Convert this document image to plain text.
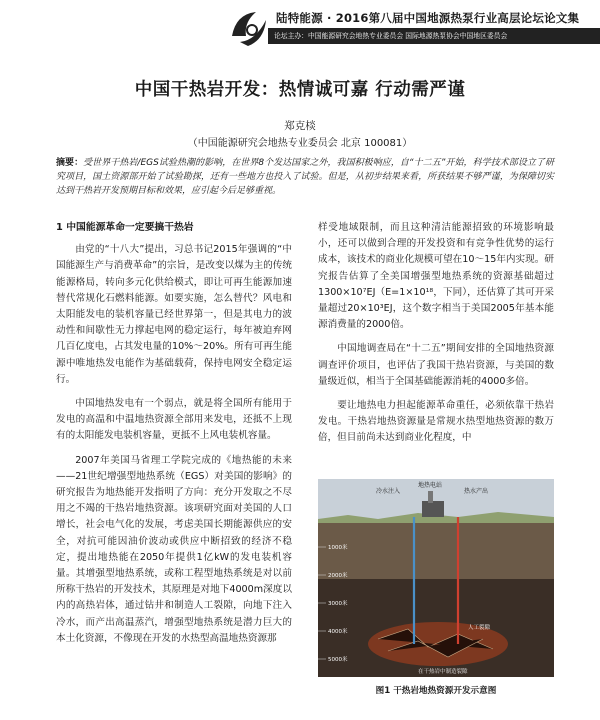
陆特能源 · 2016第八届中国地源热泵行业高层论坛论文集
论坛主办：中国能源研究会地热专业委员会 国际地源热泵协会中国地区委员会
中国干热岩开发：热情诚可嘉 行动需严谨
郑克棪
（中国能源研究会地热专业委员会 北京 100081）
摘要：受世界干热岩/EGS试验热潮的影响，在世界8个发达国家之外，我国积极响应，自“十二五”开始，科学技术部设立了研究项目，国土资源部开始了试验勘探，还有一些地方也投入了试验。但是，从初步结果来看，所获结果不够严谨，为保障切实达到干热岩开发预期目标和效果，应引起今后足够重视。

1 中国能源革命一定要搞干热岩

由党的“十八大”提出，习总书记2015年强调的“中国能源生产与消费革命”的宗旨，是改变以煤为主的传统能源格局，转向多元化供给模式，即让可再生能源加速替代常规化石燃料能源。如要实施，怎么替代？风电和太阳能发电的装机容量已经世界第一，但是其电力的波动性和间歇性无力撑起电网的稳定运行，每年被迫弃网几百亿度电，占其发电量的10%～20%。所有可再生能源中唯地热发电能作为基础载荷，保持电网安全稳定运行。

中国地热发电有一个弱点，就是将全国所有能用于发电的高温和中温地热资源全部用来发电，还抵不上现有的太阳能发电装机容量，更抵不上风电装机容量。

2007年美国马省理工学院完成的《地热能的未来——21世纪增强型地热系统（EGS）对美国的影响》的研究报告为地热能开发指明了方向：充分开发取之不尽用之不竭的干热岩地热资源。该项研究面对美国的人口增长，社会电气化的发展，考虑美国长期能源供应的安全，对抗可能因油价波动或供应中断招致的经济不稳定，提出地热能在2050年提供1亿kW的发电装机容量。其增强型地热系统，或称工程型地热系统是对以前所称干热岩的开发技术，其原理是对地下4000m深度以内的高热岩体，通过钻井和制造人工裂隙，向地下注入冷水，而产出高温蒸汽，增强型地热系统是潜力巨大的本土化资源，不像现在开发的水热型高温地热资源那

样受地域限制，而且这种清洁能源招致的环境影响最小，还可以做到合理的开发投资和有竞争性优势的运行成本，该技术的商业化规模可望在10～15年内实现。研究报告估算了全美国增强型地热系统的资源基础超过1300×10⁷EJ（E=1×10¹⁸，下同），还估算了其可开采量超过20×10³EJ，这个数字相当于美国2005年基本能源消费量的2000倍。

中国地调查局在“十二五”期间安排的全国地热资源调查评价项目，也评估了我国干热岩资源，与美国的数量级近似，相当于全国基础能源消耗的4000多倍。

要让地热电力担起能源革命重任，必须依靠干热岩发电。干热岩地热资源量是常规水热型地热资源的数万倍，但目前尚未达到商业化程度，中

1000米
2000米
3000米
4000米
5000米
冷水注入
地热电站
热水产出
人工裂隙
在干热岩中制造裂隙
图1 干热岩地热资源开发示意图
